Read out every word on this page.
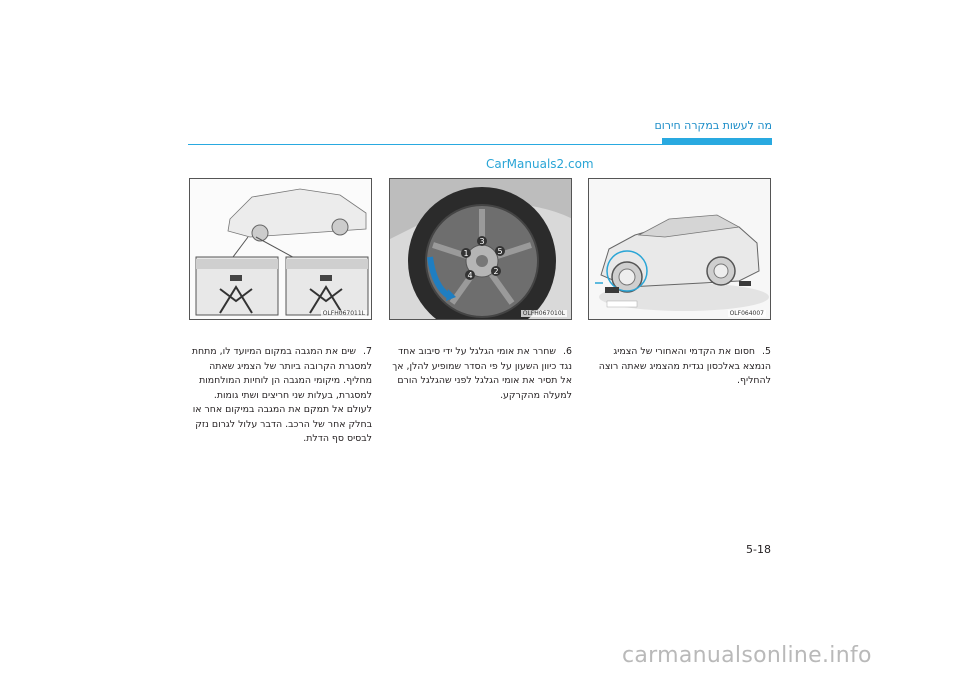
מה לעשות במקרה חירום
CarManuals2.com
OLF064007
3
5
2
4
1
OLFH067010L
OLFH067011L
5. חסום את הקדמי והאחורי של הצמיג הנמצא באלכסון נגדית מהצמיג שאתה רוצה להחליף.
6. שחרר את אומי הגלגל על ידי סיבוב אחד נגד כיוון השעון על פי הסדר שמופיע להלן, אך אל תסיר את אומי הגלגל לפני שהגלגל הורם למעלה מהקרקע.
7. שים את המגבה במקום המיועד לו, מתחת למסגרת הקרובה ביותר של הצמיג שאתה מחליף. מיקומי המגבה הן לוחיות המולחמות למסגרת, בעלות שני חריצים ושתי גומות. לעולם אל תמקם את המגבה במיקום אחר או בחלק אחר של הרכב. הדבר עלול לגרום נזק לבסיס סף הדלת.
5-18
carmanualsonline.info
